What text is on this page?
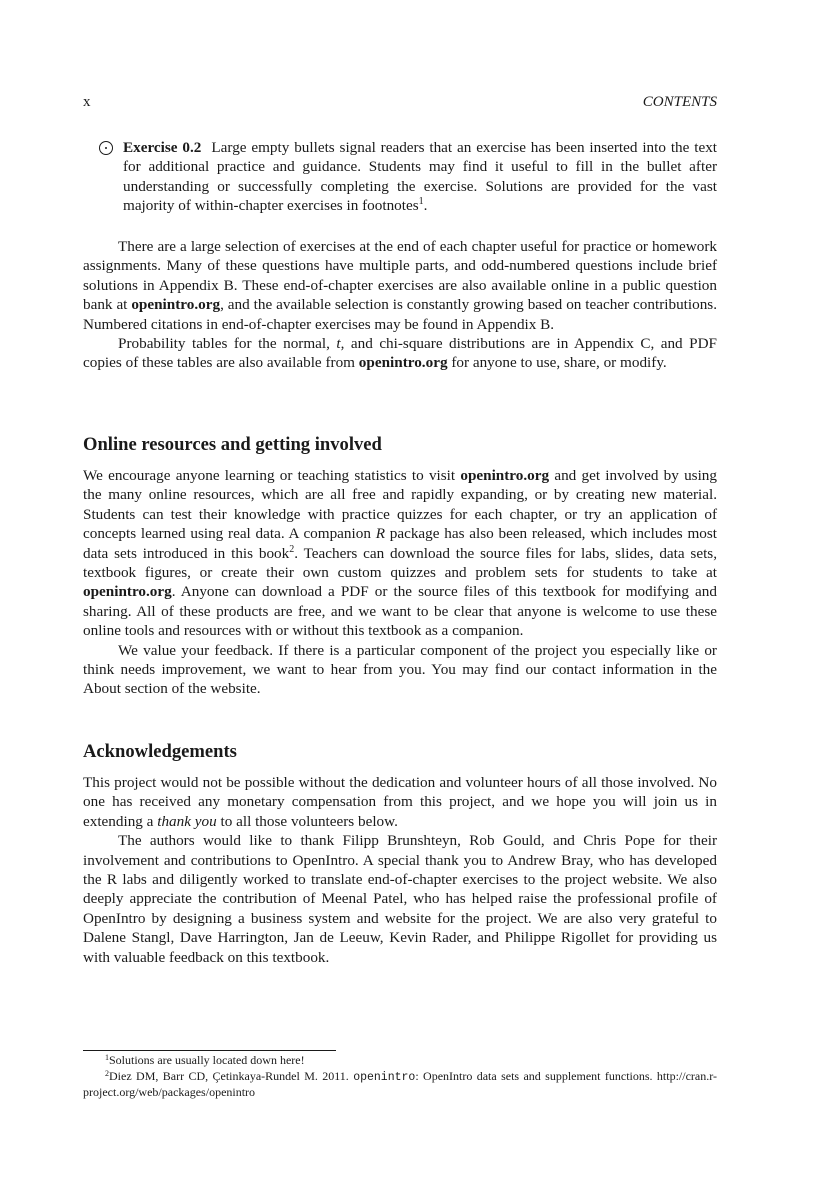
x	CONTENTS
Exercise 0.2 Large empty bullets signal readers that an exercise has been inserted into the text for additional practice and guidance. Students may find it useful to fill in the bullet after understanding or successfully completing the exercise. Solutions are provided for the vast majority of within-chapter exercises in footnotes$^1$.

There are a large selection of exercises at the end of each chapter useful for practice or homework assignments. Many of these questions have multiple parts, and odd-numbered questions include brief solutions in Appendix B. These end-of-chapter exercises are also available online in a public question bank at openintro.org, and the available selection is constantly growing based on teacher contributions. Numbered citations in end-of-chapter exercises may be found in Appendix B.

Probability tables for the normal, t, and chi-square distributions are in Appendix C, and PDF copies of these tables are also available from openintro.org for anyone to use, share, or modify.

Online resources and getting involved

We encourage anyone learning or teaching statistics to visit openintro.org and get involved by using the many online resources, which are all free and rapidly expanding, or by creating new material. Students can test their knowledge with practice quizzes for each chapter, or try an application of concepts learned using real data. A companion R package has also been released, which includes most data sets introduced in this book$^2$. Teachers can download the source files for labs, slides, data sets, textbook figures, or create their own custom quizzes and problem sets for students to take at openintro.org. Anyone can download a PDF or the source files of this textbook for modifying and sharing. All of these products are free, and we want to be clear that anyone is welcome to use these online tools and resources with or without this textbook as a companion.

We value your feedback. If there is a particular component of the project you especially like or think needs improvement, we want to hear from you. You may find our contact information in the About section of the website.

Acknowledgements

This project would not be possible without the dedication and volunteer hours of all those involved. No one has received any monetary compensation from this project, and we hope you will join us in extending a thank you to all those volunteers below.

The authors would like to thank Filipp Brunshteyn, Rob Gould, and Chris Pope for their involvement and contributions to OpenIntro. A special thank you to Andrew Bray, who has developed the R labs and diligently worked to translate end-of-chapter exercises to the project website. We also deeply appreciate the contribution of Meenal Patel, who has helped raise the professional profile of OpenIntro by designing a business system and website for the project. We are also very grateful to Dalene Stangl, Dave Harrington, Jan de Leeuw, Kevin Rader, and Philippe Rigollet for providing us with valuable feedback on this textbook.

$^1$Solutions are usually located down here!

$^2$Diez DM, Barr CD, Çetinkaya-Rundel M. 2011. openintro: OpenIntro data sets and supplement functions. http://cran.r-project.org/web/packages/openintro
